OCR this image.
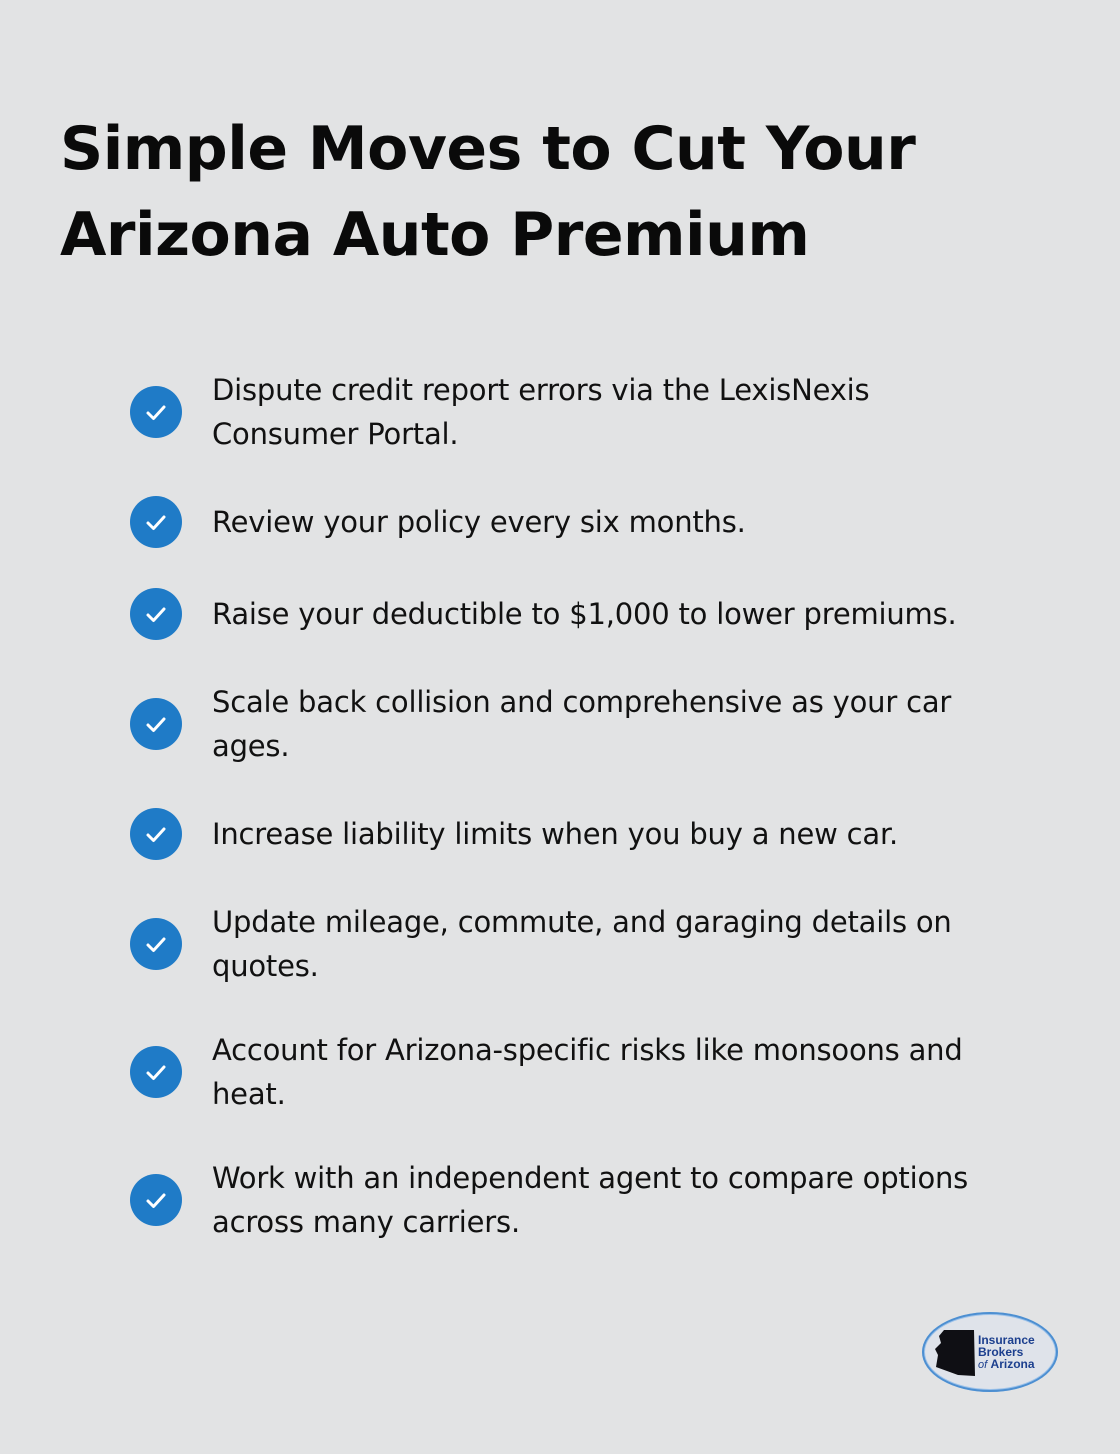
Simple Moves to Cut Your
Arizona Auto Premium
Dispute credit report errors via the LexisNexis
Consumer Portal.
Review your policy every six months.
Raise your deductible to $1,000 to lower premiums.
Scale back collision and comprehensive as your car
ages.
Increase liability limits when you buy a new car.
Update mileage, commute, and garaging details on
quotes.
Account for Arizona-specific risks like monsoons and
heat.
Work with an independent agent to compare options
across many carriers.
Insurance
Brokers
of Arizona
